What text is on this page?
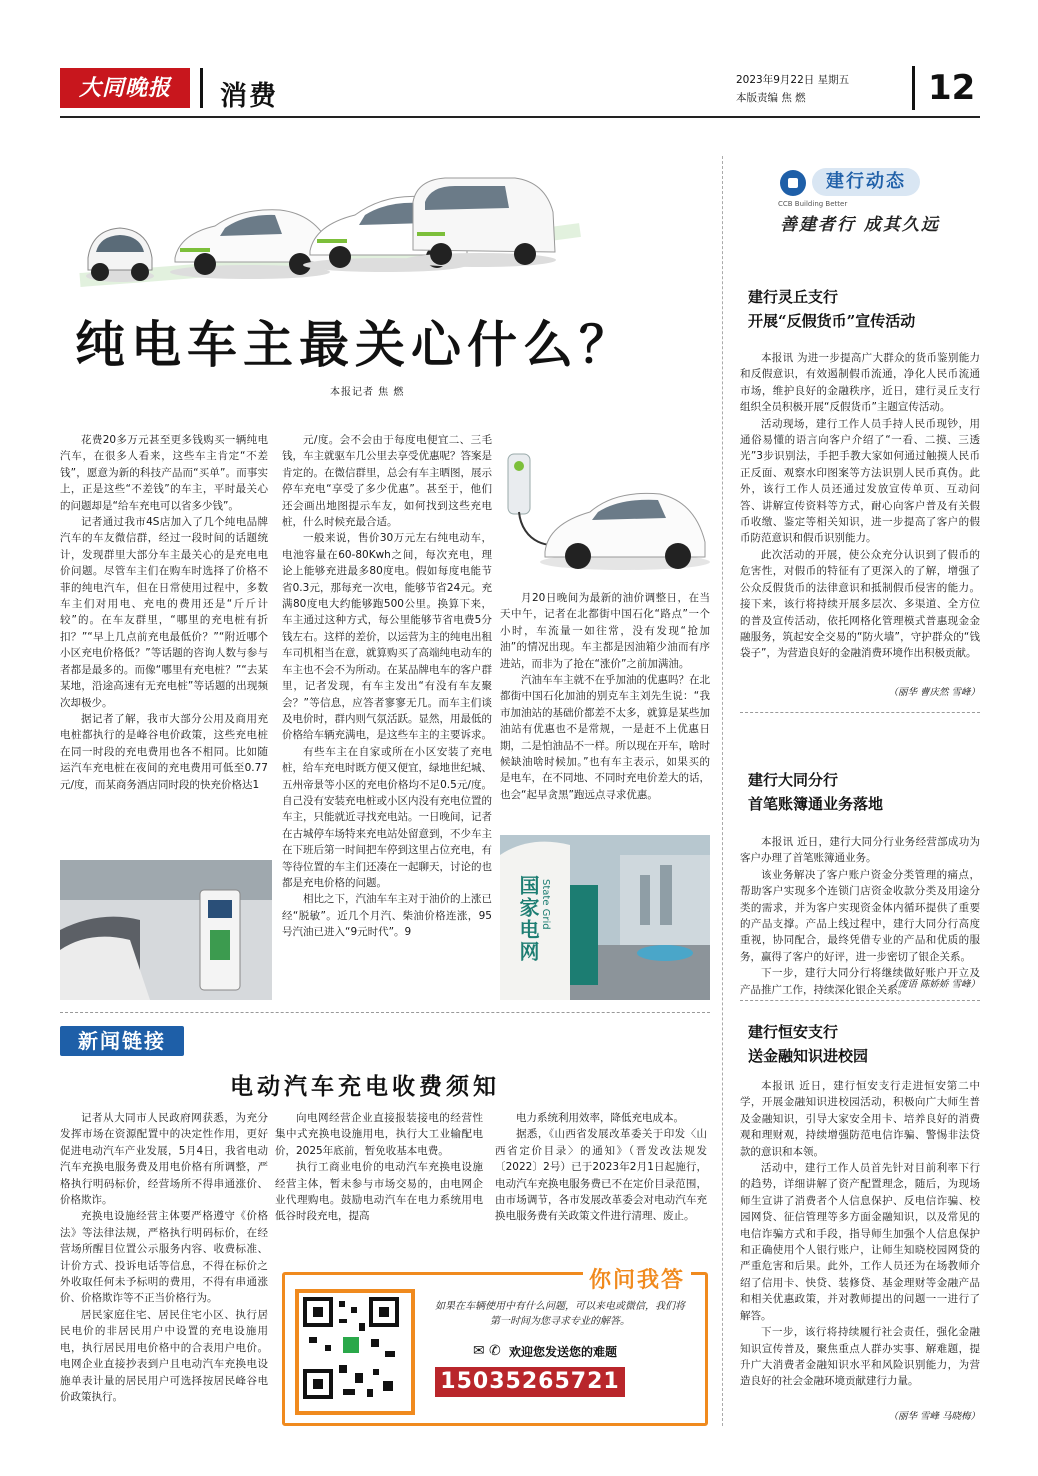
大同晚报	消费
2023年9月22日 星期五
本版责编 焦 燃	12
纯电车主最关心什么？
本报记者 焦 燃

花费20多万元甚至更多钱购买一辆纯电汽车，在很多人看来，这些车主肯定“不差钱”，愿意为新的科技产品而“买单”。而事实上，正是这些“不差钱”的车主，平时最关心的问题却是“给车充电可以省多少钱”。

记者通过我市4S店加入了几个纯电品牌汽车的车友微信群，经过一段时间的话题统计，发现群里大部分车主最关心的是充电电价问题。尽管车主们在购车时选择了价格不菲的纯电汽车，但在日常使用过程中，多数车主们对用电、充电的费用还是“斤斤计较”的。在车友群里，“哪里的充电桩有折扣？”“早上几点前充电最低价？”“附近哪个小区充电价格低？”等话题的咨询人数与参与者都是最多的。而像“哪里有充电桩？”“去某某地，沿途高速有无充电桩”等话题的出现频次却极少。

据记者了解，我市大部分公用及商用充电桩都执行的是峰谷电价政策，这些充电桩在同一时段的充电费用也各不相同。比如随运汽车充电桩在夜间的充电费用可低至0.77元/度，而某商务酒店同时段的快充价格达1

元/度。会不会由于每度电便宜二、三毛钱，车主就驱车几公里去享受优惠呢？答案是肯定的。在微信群里，总会有车主晒图，展示停车充电“享受了多少优惠”。甚至于，他们还会画出地图提示车友，如何找到这些充电桩，什么时候充最合适。

一般来说，售价30万元左右纯电动车，电池容量在60-80Kwh之间，每次充电，理论上能够充进最多80度电。假如每度电能节省0.3元，那每充一次电，能够节省24元。充满80度电大约能够跑500公里。换算下来，车主通过这种方式，每公里能够节省电费5分钱左右。这样的差价，以运营为主的纯电出租车司机相当在意，就算购买了高端纯电动车的车主也不会不为所动。在某品牌电车的客户群里，记者发现，有车主发出“有没有车友聚会？”等信息，应答者寥寥无几。而车主们谈及电价时，群内则气氛活跃。显然，用最低的价格给车辆充满电，是这些车主的主要诉求。

有些车主在自家或所在小区安装了充电桩，给车充电时既方便又便宜，绿地世纪城、五州帝景等小区的充电价格均不足0.5元/度。自己没有安装充电桩或小区内没有充电位置的车主，只能就近寻找充电站。一日晚间，记者在古城停车场特来充电站处留意到，不少车主在下班后第一时间把车停到这里占位充电，有等待位置的车主们还凑在一起聊天，讨论的也都是充电价格的问题。

相比之下，汽油车车主对于油价的上涨已经“脱敏”。近几个月汽、柴油价格连涨，95号汽油已进入“9元时代”。9

月20日晚间为最新的油价调整日，在当天中午，记者在北都街中国石化“路点”一个小时，车流量一如往常，没有发现“抢加油”的情况出现。车主都是因油箱少油而有序进站，而非为了抢在“涨价”之前加满油。

汽油车车主就不在乎加油的优惠吗？在北都街中国石化加油的别克车主刘先生说：“我市加油站的基础价都差不太多，就算是某些加油站有优惠也不是常规，一是赶不上优惠日期，二是怕油品不一样。所以现在开车，啥时候缺油啥时候加。”也有车主表示，如果买的是电车，在不同地、不同时充电价差大的话，也会“起早贪黑”跑远点寻求优惠。

国家电网 State Grid
新闻链接
电动汽车充电收费须知

记者从大同市人民政府网获悉，为充分发挥市场在资源配置中的决定性作用，更好促进电动汽车产业发展，5月4日，我省电动汽车充换电服务费及用电价格有所调整，严格执行明码标价，经营场所不得串通涨价、价格欺诈。

充换电设施经营主体要严格遵守《价格法》等法律法规，严格执行明码标价，在经营场所醒目位置公示服务内容、收费标准、计价方式、投诉电话等信息，不得在标价之外收取任何未予标明的费用，不得有串通涨价、价格欺诈等不正当价格行为。

居民家庭住宅、居民住宅小区、执行居民电价的非居民用户中设置的充电设施用电，执行居民用电价格中的合表用户电价。电网企业直接抄表到户且电动汽车充换电设施单表计量的居民用户可选择按居民峰谷电价政策执行。

向电网经营企业直接报装接电的经营性集中式充换电设施用电，执行大工业输配电价，2025年底前，暂免收基本电费。

执行工商业电价的电动汽车充换电设施经营主体，暂未参与市场交易的，由电网企业代理购电。鼓励电动汽车在电力系统用电低谷时段充电，提高

电力系统利用效率，降低充电成本。

据悉，《山西省发展改革委关于印发〈山西省定价目录〉的通知》（晋发改法规发〔2022〕2号）已于2023年2月1日起施行，电动汽车充换电服务费已不在定价目录范围，由市场调节，各市发展改革委会对电动汽车充换电服务费有关政策文件进行清理、废止。

你问我答
如果在车辆使用中有什么问题，可以来电或微信，我们将第一时间为您寻求专业的解答。
✉ ✆ 欢迎您发送您的难题
15035265721
建行动态
CCB Building Better
善建者行 成其久远
建行灵丘支行
开展“反假货币”宣传活动

本报讯 为进一步提高广大群众的货币鉴别能力和反假意识，有效遏制假币流通，净化人民币流通市场，维护良好的金融秩序，近日，建行灵丘支行组织全员积极开展“反假货币”主题宣传活动。

活动现场，建行工作人员手持人民币现钞，用通俗易懂的语言向客户介绍了“一看、二摸、三透光”3步识别法，手把手教大家如何通过触摸人民币正反面、观察水印图案等方法识别人民币真伪。此外，该行工作人员还通过发放宣传单页、互动问答、讲解宣传资料等方式，耐心向客户普及有关假币收缴、鉴定等相关知识，进一步提高了客户的假币防范意识和假币识别能力。

此次活动的开展，使公众充分认识到了假币的危害性，对假币的特征有了更深入的了解，增强了公众反假货币的法律意识和抵制假币侵害的能力。接下来，该行将持续开展多层次、多渠道、全方位的普及宣传活动，依托网格化管理模式普惠现金金融服务，筑起安全交易的“防火墙”，守护群众的“钱袋子”，为营造良好的金融消费环境作出积极贡献。

（丽华 曹庆然 雪峰）
建行大同分行
首笔账簿通业务落地

本报讯 近日，建行大同分行业务经营部成功为客户办理了首笔账簿通业务。

该业务解决了客户账户资金分类管理的痛点，帮助客户实现多个连锁门店资金收款分类及用途分类的需求，并为客户实现资金体内循环提供了重要的产品支撑。产品上线过程中，建行大同分行高度重视，协同配合，最终凭借专业的产品和优质的服务，赢得了客户的好评，进一步密切了银企关系。

下一步，建行大同分行将继续做好账户开立及产品推广工作，持续深化银企关系。

（庞语 陈娇娇 雪峰）
建行恒安支行
送金融知识进校园

本报讯 近日，建行恒安支行走进恒安第二中学，开展金融知识进校园活动，积极向广大师生普及金融知识，引导大家安全用卡、培养良好的消费观和理财观，持续增强防范电信诈骗、警惕非法贷款的意识和本领。

活动中，建行工作人员首先针对目前利率下行的趋势，详细讲解了资产配置理念，随后，为现场师生宣讲了消费者个人信息保护、反电信诈骗、校园网贷、征信管理等多方面金融知识，以及常见的电信诈骗方式和手段，指导师生加强个人信息保护和正确使用个人银行账户，让师生知晓校园网贷的严重危害和后果。此外，工作人员还为在场教师介绍了信用卡、快贷、装修贷、基金理财等金融产品和相关优惠政策，并对教师提出的问题一一进行了解答。

下一步，该行将持续履行社会责任，强化金融知识宣传普及，聚焦重点人群办实事、解难题，提升广大消费者金融知识水平和风险识别能力，为营造良好的社会金融环境贡献建行力量。

（丽华 雪峰 马晓梅）
